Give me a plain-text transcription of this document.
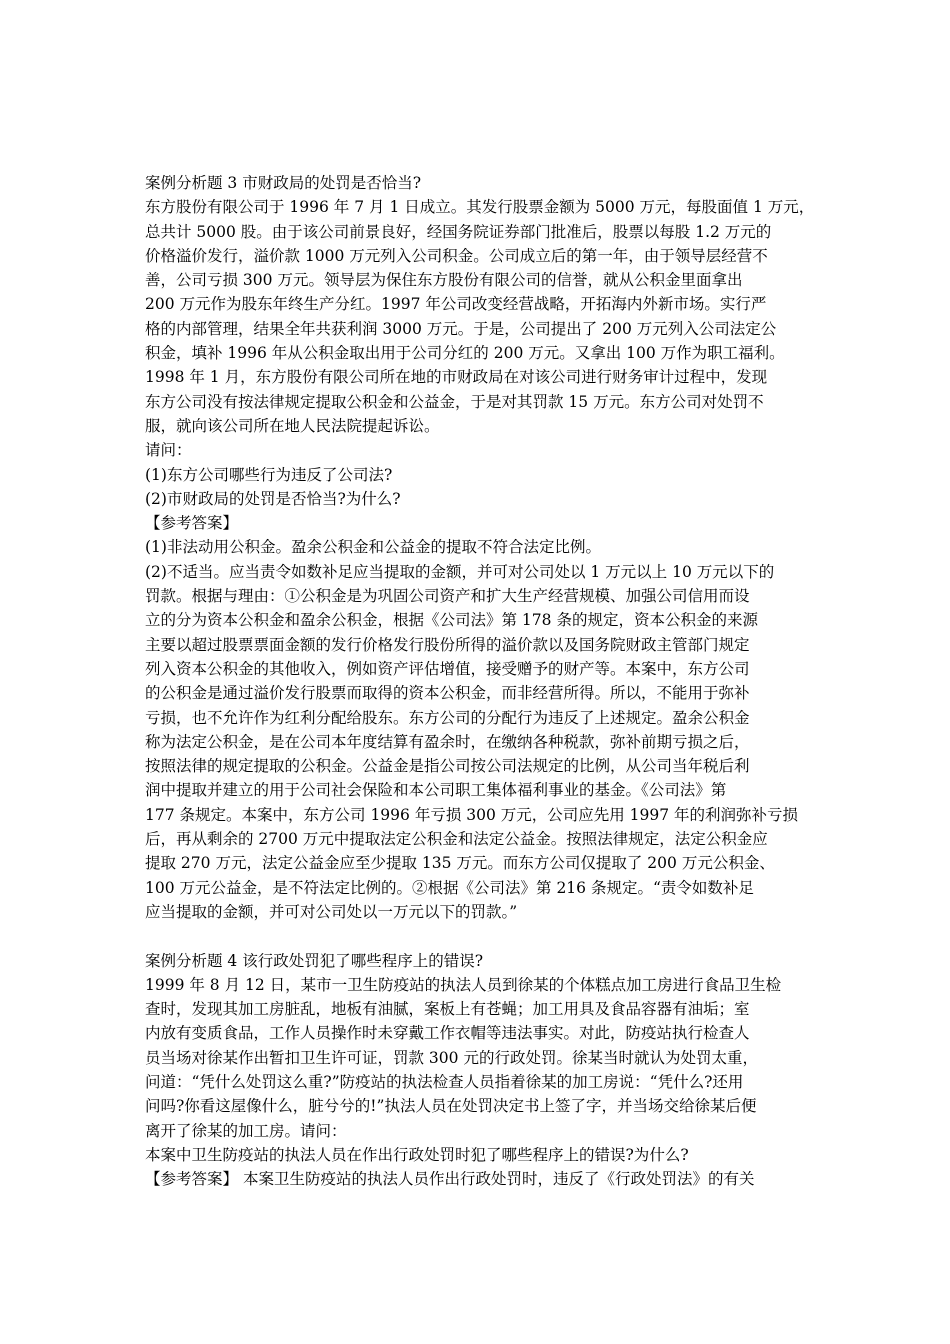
案例分析题 3 市财政局的处罚是否恰当?
东方股份有限公司于 1996 年 7 月 1 日成立。其发行股票金额为 5000 万元，每股面值 1 万元，
总共计 5000 股。由于该公司前景良好，经国务院证券部门批准后，股票以每股 1.2 万元的
价格溢价发行，溢价款 1000 万元列入公司积金。公司成立后的第一年，由于领导层经营不
善，公司亏损 300 万元。领导层为保住东方股份有限公司的信誉，就从公积金里面拿出
200 万元作为股东年终生产分红。1997 年公司改变经营战略，开拓海内外新市场。实行严
格的内部管理，结果全年共获利润 3000 万元。于是，公司提出了 200 万元列入公司法定公
积金，填补 1996 年从公积金取出用于公司分红的 200 万元。又拿出 100 万作为职工福利。
1998 年 1 月，东方股份有限公司所在地的市财政局在对该公司进行财务审计过程中，发现
东方公司没有按法律规定提取公积金和公益金，于是对其罚款 15 万元。东方公司对处罚不
服，就向该公司所在地人民法院提起诉讼。
请问：
(1)东方公司哪些行为违反了公司法?
(2)市财政局的处罚是否恰当?为什么?
【参考答案】
(1)非法动用公积金。盈余公积金和公益金的提取不符合法定比例。
(2)不适当。应当责令如数补足应当提取的金额，并可对公司处以 1 万元以上 10 万元以下的
罚款。根据与理由：①公积金是为巩固公司资产和扩大生产经营规模、加强公司信用而设
立的分为资本公积金和盈余公积金，根据《公司法》第 178 条的规定，资本公积金的来源
主要以超过股票票面金额的发行价格发行股份所得的溢价款以及国务院财政主管部门规定
列入资本公积金的其他收入，例如资产评估增值，接受赠予的财产等。本案中，东方公司
的公积金是通过溢价发行股票而取得的资本公积金，而非经营所得。所以，不能用于弥补
亏损，也不允许作为红利分配给股东。东方公司的分配行为违反了上述规定。盈余公积金
称为法定公积金，是在公司本年度结算有盈余时，在缴纳各种税款，弥补前期亏损之后，
按照法律的规定提取的公积金。公益金是指公司按公司法规定的比例，从公司当年税后利
润中提取并建立的用于公司社会保险和本公司职工集体福利事业的基金。《公司法》第
177 条规定。本案中，东方公司 1996 年亏损 300 万元，公司应先用 1997 年的利润弥补亏损
后，再从剩余的 2700 万元中提取法定公积金和法定公益金。按照法律规定，法定公积金应
提取 270 万元，法定公益金应至少提取 135 万元。而东方公司仅提取了 200 万元公积金、
100 万元公益金，是不符法定比例的。②根据《公司法》第 216 条规定。“责令如数补足
应当提取的金额，并可对公司处以一万元以下的罚款。”
案例分析题 4 该行政处罚犯了哪些程序上的错误?
1999 年 8 月 12 日，某市一卫生防疫站的执法人员到徐某的个体糕点加工房进行食品卫生检
查时，发现其加工房脏乱，地板有油腻，案板上有苍蝇；加工用具及食品容器有油垢；室
内放有变质食品，工作人员操作时未穿戴工作衣帽等违法事实。对此，防疫站执行检查人
员当场对徐某作出暂扣卫生许可证，罚款 300 元的行政处罚。徐某当时就认为处罚太重，
问道：“凭什么处罚这么重?”防疫站的执法检查人员指着徐某的加工房说：“凭什么?还用
问吗?你看这屋像什么，脏兮兮的!”执法人员在处罚决定书上签了字，并当场交给徐某后便
离开了徐某的加工房。请问：
本案中卫生防疫站的执法人员在作出行政处罚时犯了哪些程序上的错误?为什么?
【参考答案】 本案卫生防疫站的执法人员作出行政处罚时，违反了《行政处罚法》的有关
